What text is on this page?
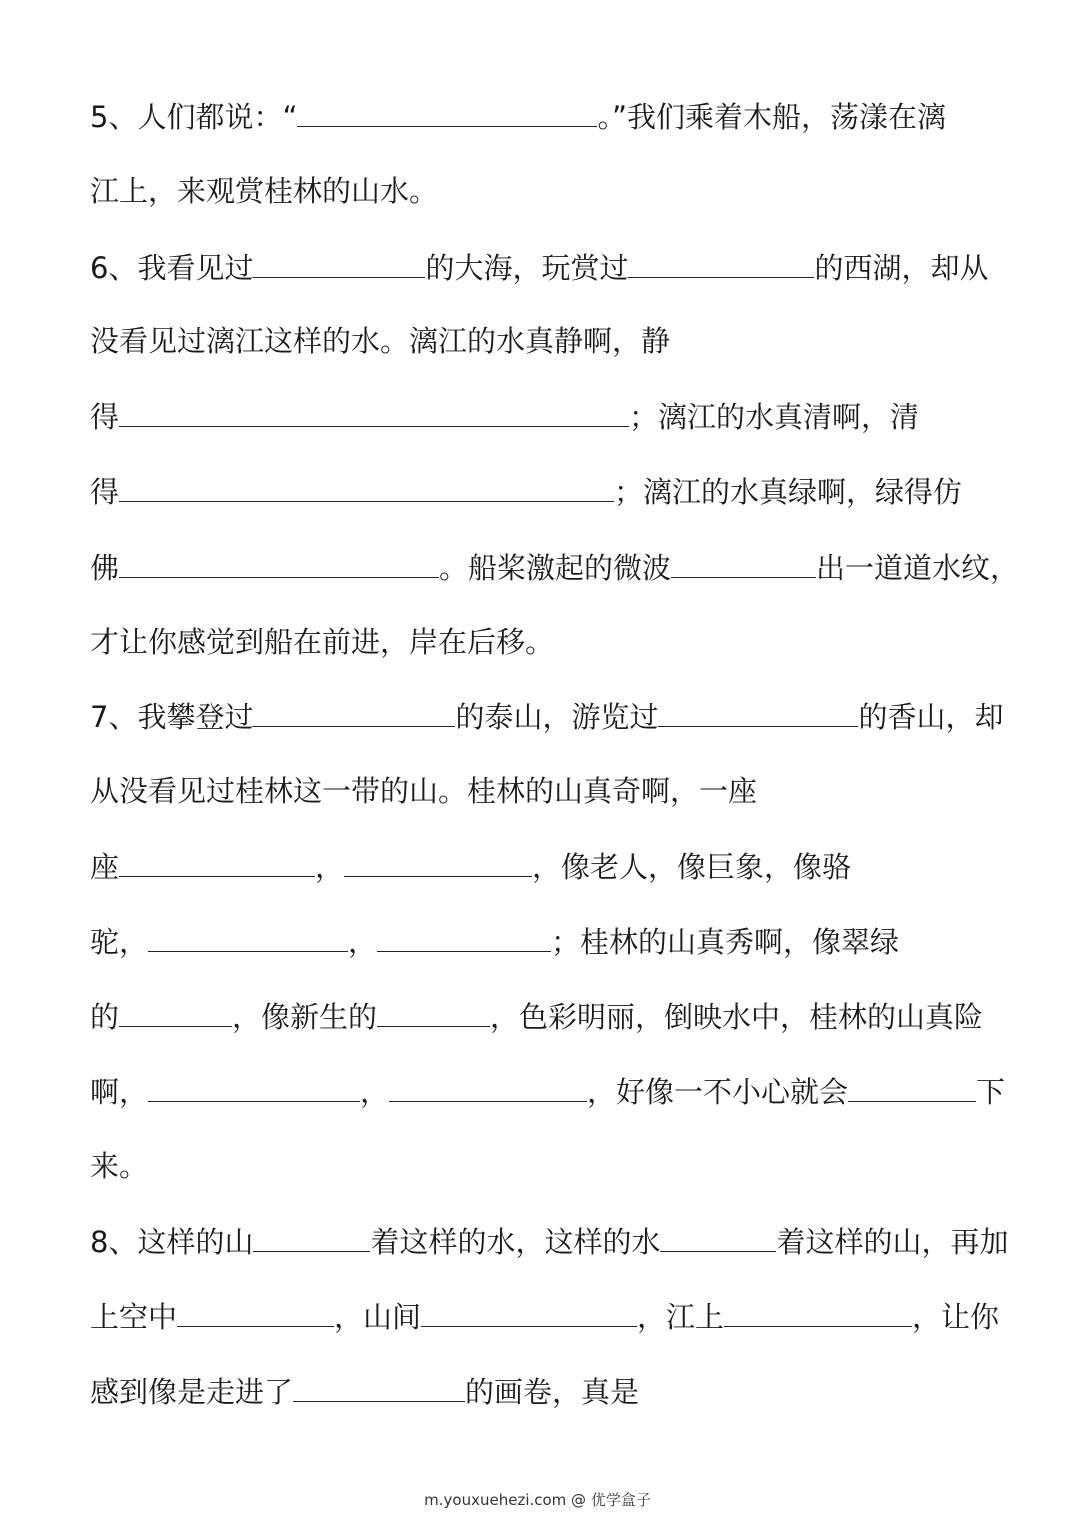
5、人们都说：“	。”我们乘着木船，荡漾在漓
江上，来观赏桂林的山水。
6、我看见过	的大海，玩赏过	的西湖，却从
没看见过漓江这样的水。漓江的水真静啊，静
得	；漓江的水真清啊，清
得	；漓江的水真绿啊，绿得仿
佛	。船桨激起的微波	出一道道水纹，
才让你感觉到船在前进，岸在后移。
7、我攀登过	的泰山，游览过	的香山，却
从没看见过桂林这一带的山。桂林的山真奇啊，一座
座	，	，像老人，像巨象，像骆
驼，	，	；桂林的山真秀啊，像翠绿
的	，像新生的	，色彩明丽，倒映水中，桂林的山真险
啊，	，	，好像一不小心就会	下
来。
8、这样的山	着这样的水，这样的水	着这样的山，再加
上空中	，山间	，江上	，让你
感到像是走进了	的画卷，真是
m.youxuehezi.com @ 优学盒子
